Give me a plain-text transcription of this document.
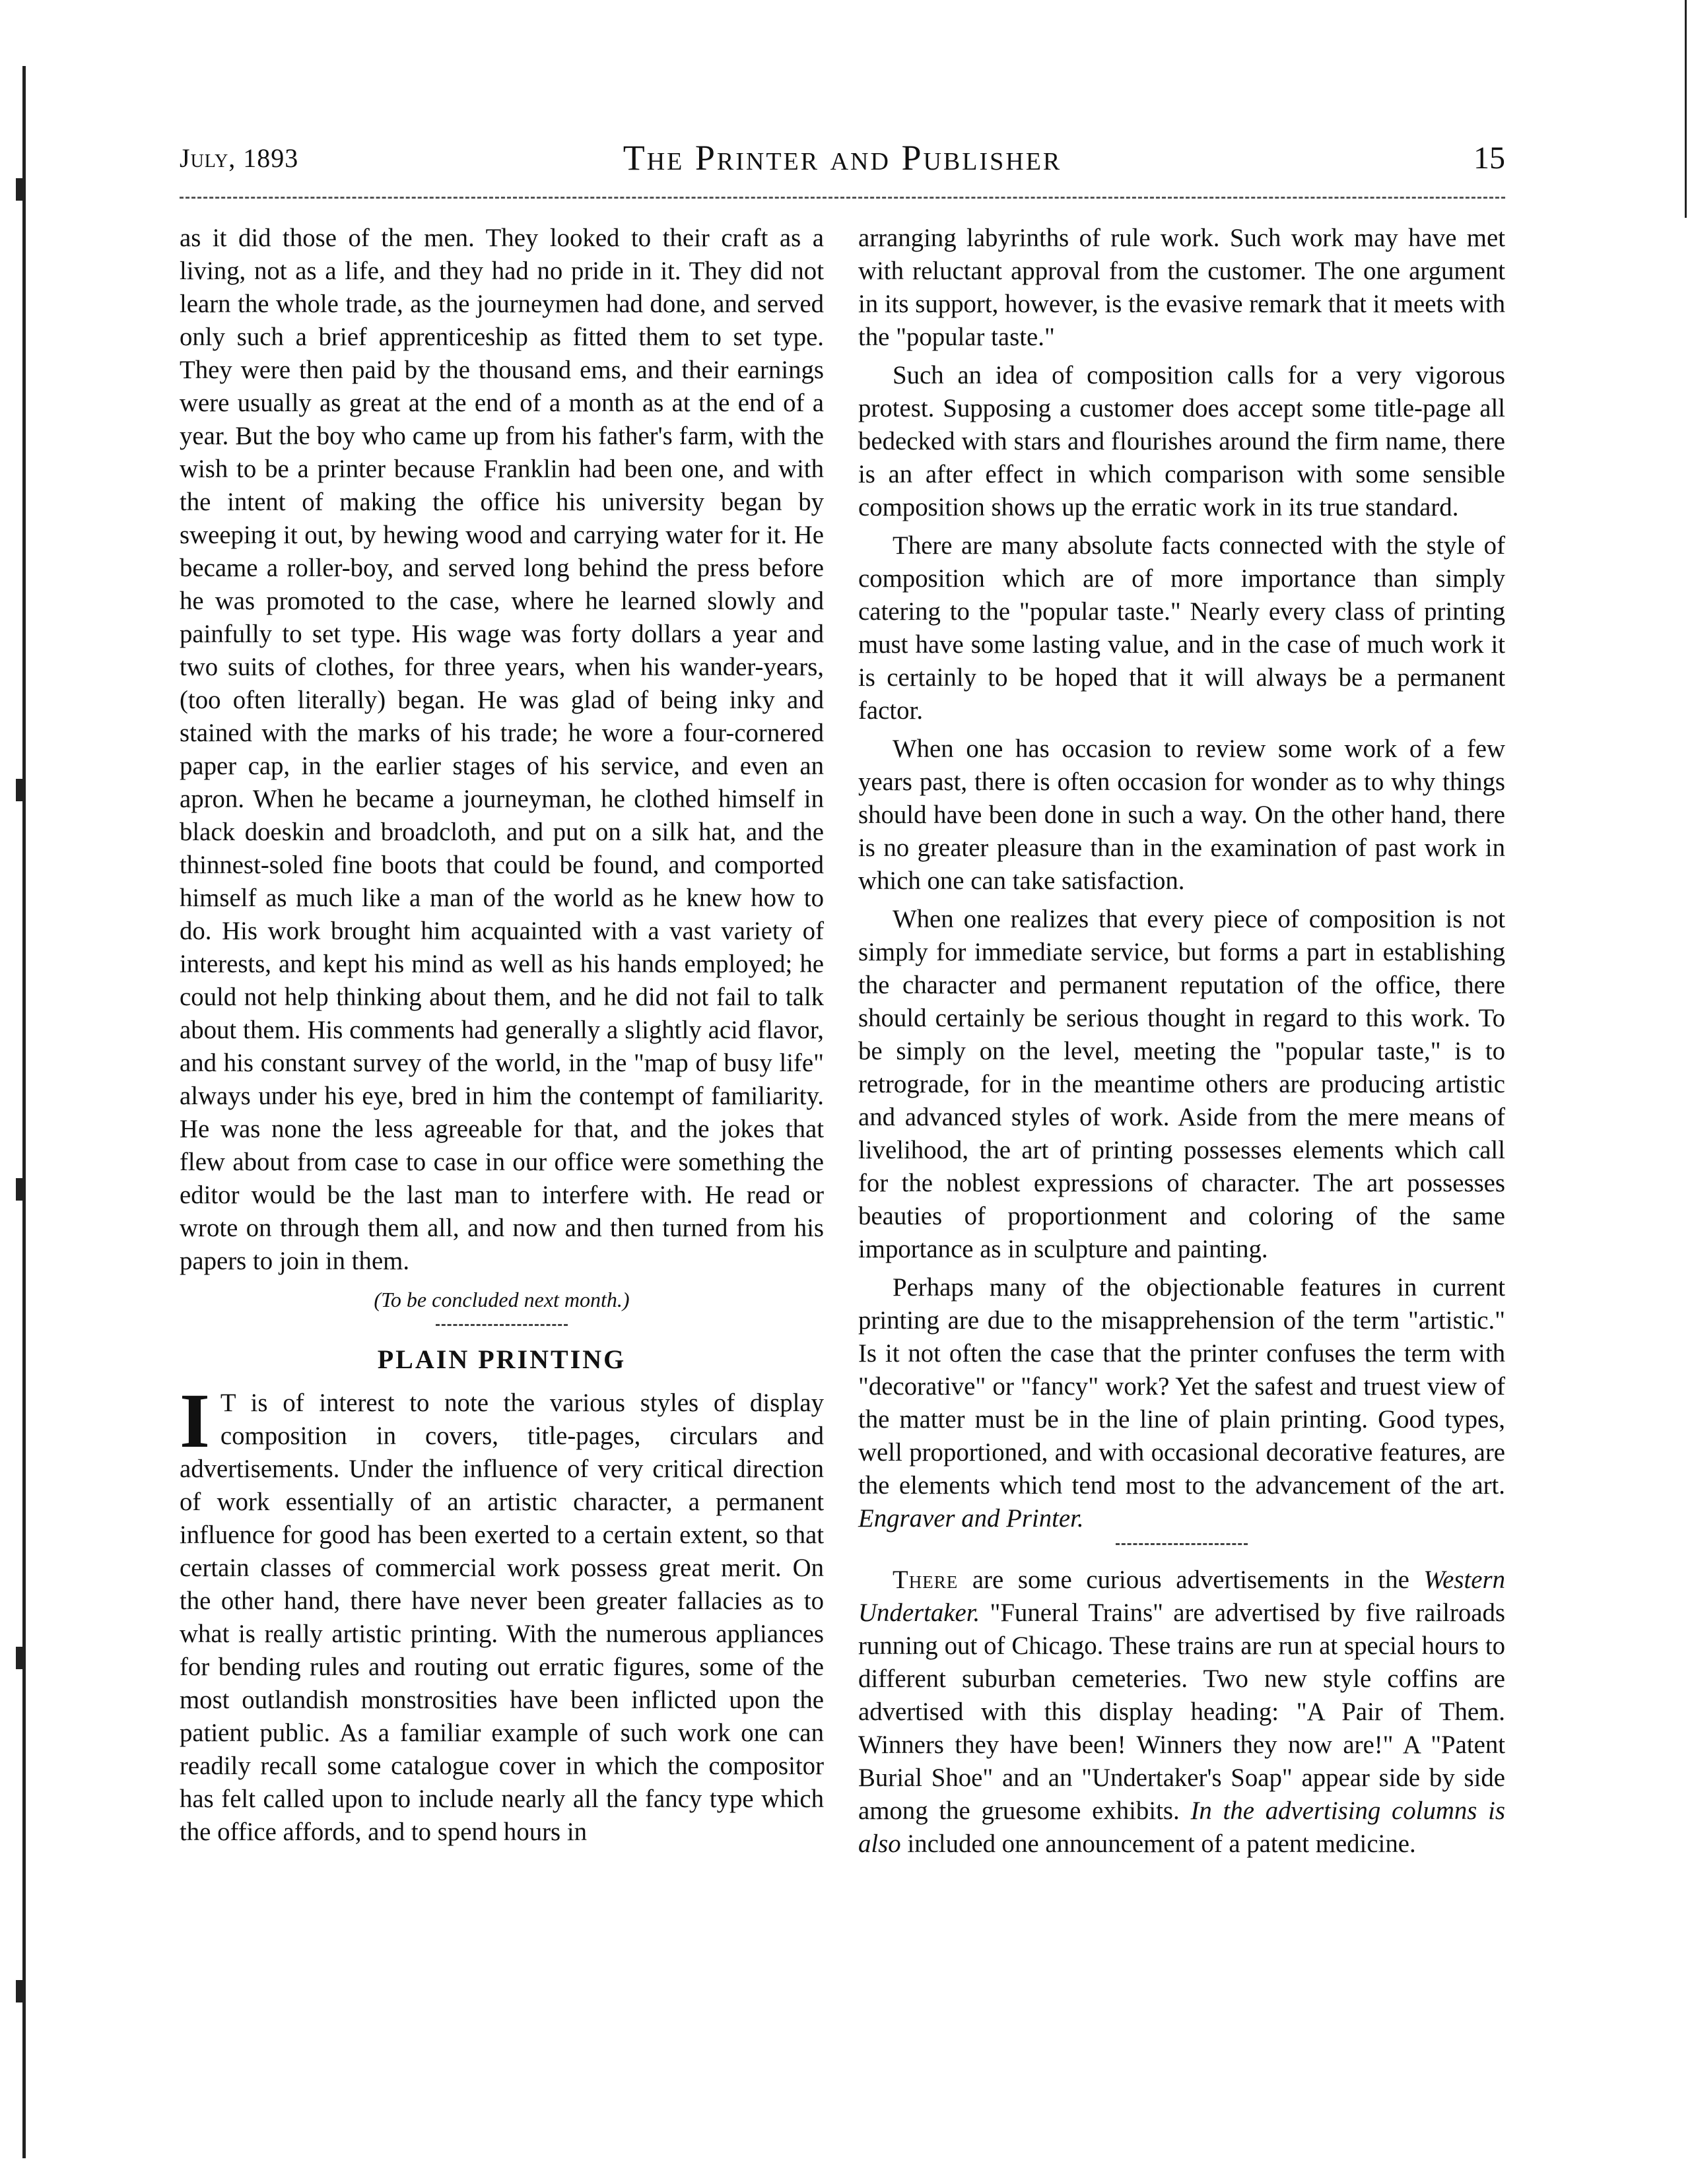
July, 1893	The Printer and Publisher	15

as it did those of the men. They looked to their craft as a living, not as a life, and they had no pride in it. They did not learn the whole trade, as the journeymen had done, and served only such a brief apprenticeship as fitted them to set type. They were then paid by the thousand ems, and their earnings were usually as great at the end of a month as at the end of a year. But the boy who came up from his father's farm, with the wish to be a printer because Franklin had been one, and with the intent of making the office his university began by sweeping it out, by hewing wood and carrying water for it. He became a roller-boy, and served long behind the press before he was promoted to the case, where he learned slowly and painfully to set type. His wage was forty dollars a year and two suits of clothes, for three years, when his wander-years, (too often literally) began. He was glad of being inky and stained with the marks of his trade; he wore a four-cornered paper cap, in the earlier stages of his service, and even an apron. When he became a journeyman, he clothed himself in black doeskin and broadcloth, and put on a silk hat, and the thinnest-soled fine boots that could be found, and comported himself as much like a man of the world as he knew how to do. His work brought him acquainted with a vast variety of interests, and kept his mind as well as his hands employed; he could not help thinking about them, and he did not fail to talk about them. His comments had generally a slightly acid flavor, and his constant survey of the world, in the "map of busy life" always under his eye, bred in him the contempt of familiarity. He was none the less agreeable for that, and the jokes that flew about from case to case in our office were something the editor would be the last man to interfere with. He read or wrote on through them all, and now and then turned from his papers to join in them.

(To be concluded next month.)

PLAIN PRINTING

I T is of interest to note the various styles of display composition in covers, title-pages, circulars and advertisements. Under the influence of very critical direction of work essentially of an artistic character, a permanent influence for good has been exerted to a certain extent, so that certain classes of commercial work possess great merit. On the other hand, there have never been greater fallacies as to what is really artistic printing. With the numerous appliances for bending rules and routing out erratic figures, some of the most outlandish monstrosities have been inflicted upon the patient public. As a familiar example of such work one can readily recall some catalogue cover in which the compositor has felt called upon to include nearly all the fancy type which the office affords, and to spend hours in

arranging labyrinths of rule work. Such work may have met with reluctant approval from the customer. The one argument in its support, however, is the evasive remark that it meets with the "popular taste."

Such an idea of composition calls for a very vigorous protest. Supposing a customer does accept some title-page all bedecked with stars and flourishes around the firm name, there is an after effect in which comparison with some sensible composition shows up the erratic work in its true standard.

There are many absolute facts connected with the style of composition which are of more importance than simply catering to the "popular taste." Nearly every class of printing must have some lasting value, and in the case of much work it is certainly to be hoped that it will always be a permanent factor.

When one has occasion to review some work of a few years past, there is often occasion for wonder as to why things should have been done in such a way. On the other hand, there is no greater pleasure than in the examination of past work in which one can take satisfaction.

When one realizes that every piece of composition is not simply for immediate service, but forms a part in establishing the character and permanent reputation of the office, there should certainly be serious thought in regard to this work. To be simply on the level, meeting the "popular taste," is to retrograde, for in the meantime others are producing artistic and advanced styles of work. Aside from the mere means of livelihood, the art of printing possesses elements which call for the noblest expressions of character. The art possesses beauties of proportionment and coloring of the same importance as in sculpture and painting.

Perhaps many of the objectionable features in current printing are due to the misapprehension of the term "artistic." Is it not often the case that the printer confuses the term with "decorative" or "fancy" work? Yet the safest and truest view of the matter must be in the line of plain printing. Good types, well proportioned, and with occasional decorative features, are the elements which tend most to the advancement of the art. Engraver and Printer.

There are some curious advertisements in the Western Undertaker. "Funeral Trains" are advertised by five railroads running out of Chicago. These trains are run at special hours to different suburban cemeteries. Two new style coffins are advertised with this display heading: "A Pair of Them. Winners they have been! Winners they now are!" A "Patent Burial Shoe" and an "Undertaker's Soap" appear side by side among the gruesome exhibits. In the advertising columns is also included one announcement of a patent medicine.
